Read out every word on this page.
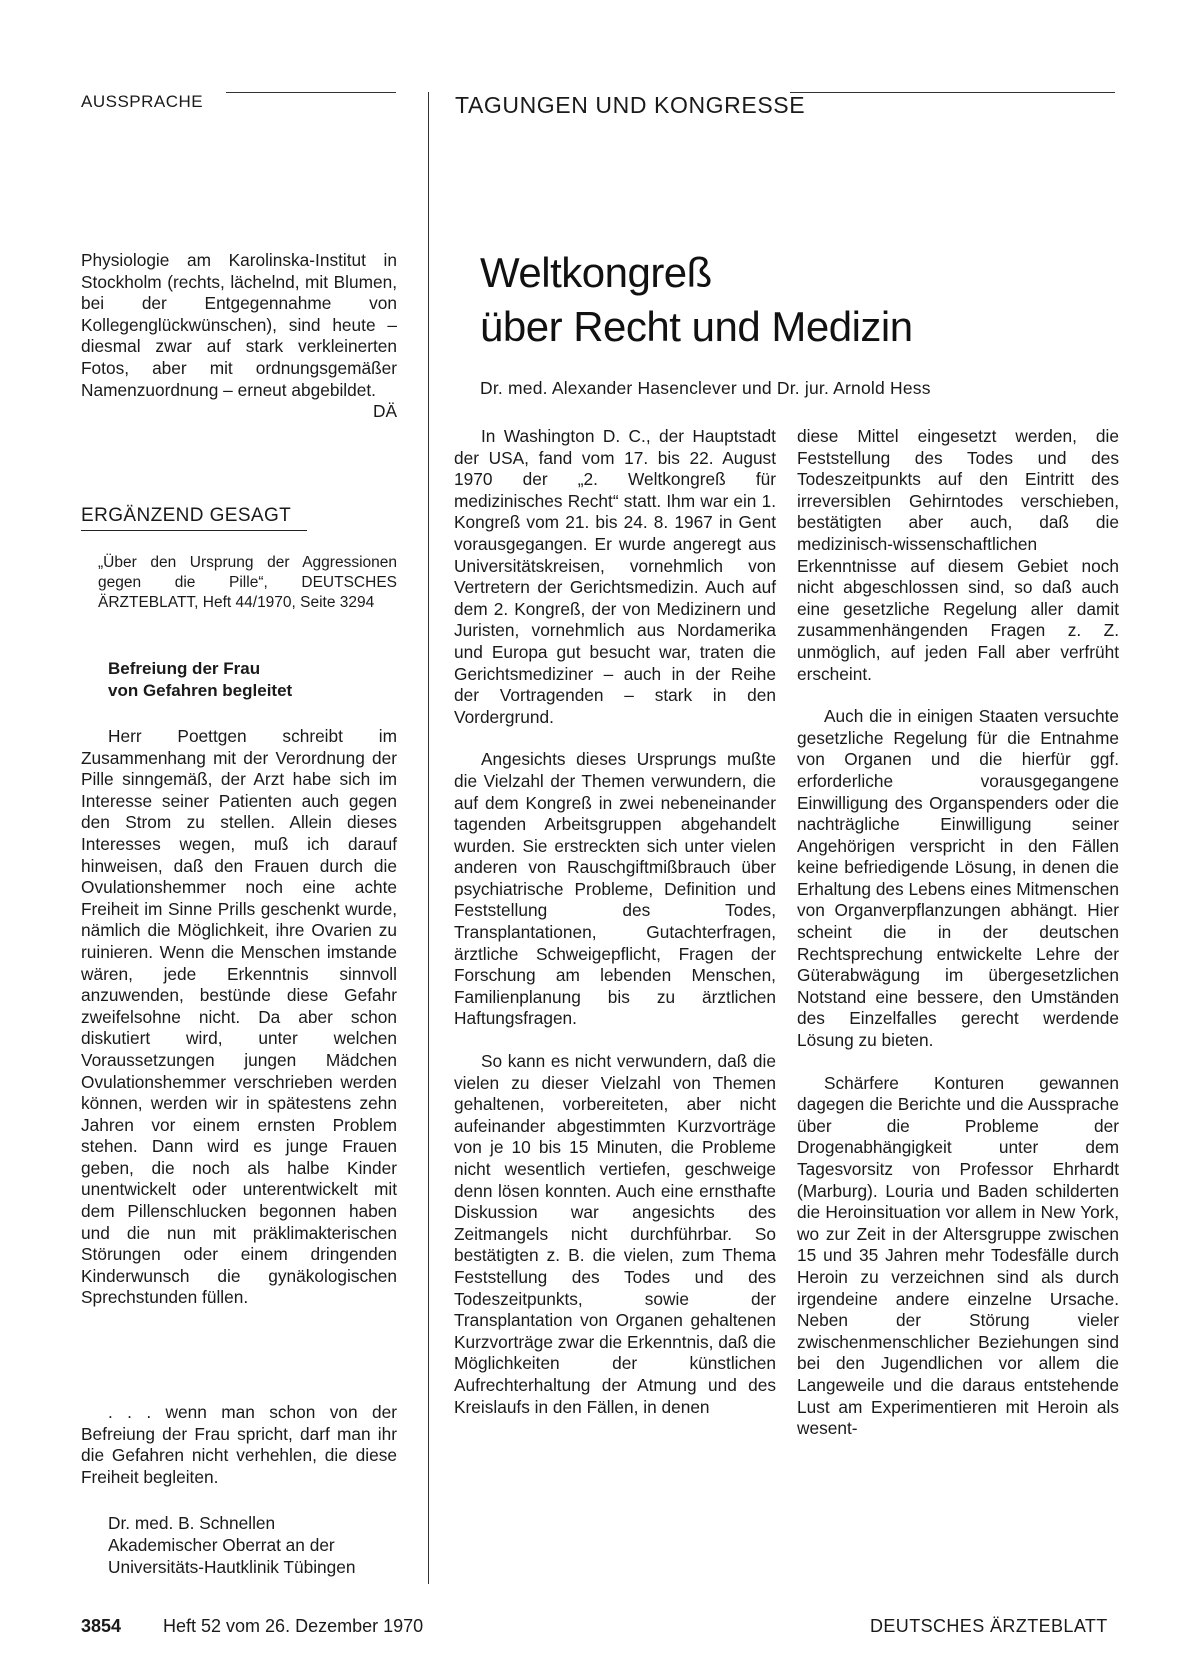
AUSSPRACHE	TAGUNGEN UND KONGRESSE

Physiologie am Karolinska-Institut in Stockholm (rechts, lächelnd, mit Blumen, bei der Entgegennahme von Kollegenglückwünschen), sind heute – diesmal zwar auf stark verkleinerten Fotos, aber mit ordnungsgemäßer Namenzuordnung – erneut abgebildet.
DÄ

ERGÄNZEND GESAGT
„Über den Ursprung der Aggressionen gegen die Pille“, DEUTSCHES ÄRZTEBLATT, Heft 44/1970, Seite 3294
Befreiung der Frau
von Gefahren begleitet

Herr Poettgen schreibt im Zusammenhang mit der Verordnung der Pille sinngemäß, der Arzt habe sich im Interesse seiner Patienten auch gegen den Strom zu stellen. Allein dieses Interesses wegen, muß ich darauf hinweisen, daß den Frauen durch die Ovulationshemmer noch eine achte Freiheit im Sinne Prills geschenkt wurde, nämlich die Möglichkeit, ihre Ovarien zu ruinieren. Wenn die Menschen imstande wären, jede Erkenntnis sinnvoll anzuwenden, bestünde diese Gefahr zweifelsohne nicht. Da aber schon diskutiert wird, unter welchen Voraussetzungen jungen Mädchen Ovulationshemmer verschrieben werden können, werden wir in spätestens zehn Jahren vor einem ernsten Problem stehen. Dann wird es junge Frauen geben, die noch als halbe Kinder unentwickelt oder unterentwickelt mit dem Pillenschlucken begonnen haben und die nun mit präklimakterischen Störungen oder einem dringenden Kinderwunsch die gynäkologischen Sprechstunden füllen.

. . . wenn man schon von der Befreiung der Frau spricht, darf man ihr die Gefahren nicht verhehlen, die diese Freiheit begleiten.

Dr. med. B. Schnellen
Akademischer Oberrat an der
Universitäts-Hautklinik Tübingen
Weltkongreß
über Recht und Medizin
Dr. med. Alexander Hasenclever und Dr. jur. Arnold Hess

In Washington D. C., der Hauptstadt der USA, fand vom 17. bis 22. August 1970 der „2. Weltkongreß für medizinisches Recht“ statt. Ihm war ein 1. Kongreß vom 21. bis 24. 8. 1967 in Gent vorausgegangen. Er wurde angeregt aus Universitätskreisen, vornehmlich von Vertretern der Gerichtsmedizin. Auch auf dem 2. Kongreß, der von Medizinern und Juristen, vornehmlich aus Nordamerika und Europa gut besucht war, traten die Gerichtsmediziner – auch in der Reihe der Vortragenden – stark in den Vordergrund.

Angesichts dieses Ursprungs mußte die Vielzahl der Themen verwundern, die auf dem Kongreß in zwei nebeneinander tagenden Arbeitsgruppen abgehandelt wurden. Sie erstreckten sich unter vielen anderen von Rauschgiftmißbrauch über psychiatrische Probleme, Definition und Feststellung des Todes, Transplantationen, Gutachterfragen, ärztliche Schweigepflicht, Fragen der Forschung am lebenden Menschen, Familienplanung bis zu ärztlichen Haftungsfragen.

So kann es nicht verwundern, daß die vielen zu dieser Vielzahl von Themen gehaltenen, vorbereiteten, aber nicht aufeinander abgestimmten Kurzvorträge von je 10 bis 15 Minuten, die Probleme nicht wesentlich vertiefen, geschweige denn lösen konnten. Auch eine ernsthafte Diskussion war angesichts des Zeitmangels nicht durchführbar. So bestätigten z. B. die vielen, zum Thema Feststellung des Todes und des Todeszeitpunkts, sowie der Transplantation von Organen gehaltenen Kurzvorträge zwar die Erkenntnis, daß die Möglichkeiten der künstlichen Aufrechterhaltung der Atmung und des Kreislaufs in den Fällen, in denen

diese Mittel eingesetzt werden, die Feststellung des Todes und des Todeszeitpunkts auf den Eintritt des irreversiblen Gehirntodes verschieben, bestätigten aber auch, daß die medizinisch-wissenschaftlichen Erkenntnisse auf diesem Gebiet noch nicht abgeschlossen sind, so daß auch eine gesetzliche Regelung aller damit zusammenhängenden Fragen z. Z. unmöglich, auf jeden Fall aber verfrüht erscheint.

Auch die in einigen Staaten versuchte gesetzliche Regelung für die Entnahme von Organen und die hierfür ggf. erforderliche vorausgegangene Einwilligung des Organspenders oder die nachträgliche Einwilligung seiner Angehörigen verspricht in den Fällen keine befriedigende Lösung, in denen die Erhaltung des Lebens eines Mitmenschen von Organverpflanzungen abhängt. Hier scheint die in der deutschen Rechtsprechung entwickelte Lehre der Güterabwägung im übergesetzlichen Notstand eine bessere, den Umständen des Einzelfalles gerecht werdende Lösung zu bieten.

Schärfere Konturen gewannen dagegen die Berichte und die Aussprache über die Probleme der Drogenabhängigkeit unter dem Tagesvorsitz von Professor Ehrhardt (Marburg). Louria und Baden schilderten die Heroinsituation vor allem in New York, wo zur Zeit in der Altersgruppe zwischen 15 und 35 Jahren mehr Todesfälle durch Heroin zu verzeichnen sind als durch irgendeine andere einzelne Ursache. Neben der Störung vieler zwischenmenschlicher Beziehungen sind bei den Jugendlichen vor allem die Langeweile und die daraus entstehende Lust am Experimentieren mit Heroin als wesent-

3854 Heft 52 vom 26. Dezember 1970	DEUTSCHES ÄRZTEBLATT
